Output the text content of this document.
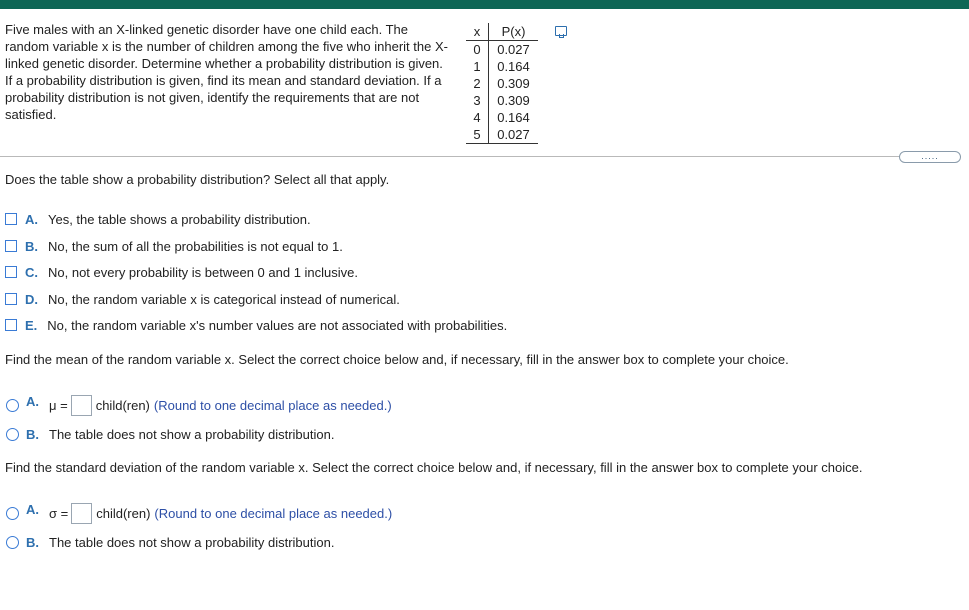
Five males with an X-linked genetic disorder have one child each. The random variable x is the number of children among the five who inherit the X-linked genetic disorder. Determine whether a probability distribution is given. If a probability distribution is given, find its mean and standard deviation. If a probability distribution is not given, identify the requirements that are not satisfied.
x	P(x)
0	0.027
1	0.164
2	0.309
3	0.309
4	0.164
5	0.027
.....
Does the table show a probability distribution? Select all that apply.
A. Yes, the table shows a probability distribution.
B. No, the sum of all the probabilities is not equal to 1.
C. No, not every probability is between 0 and 1 inclusive.
D. No, the random variable x is categorical instead of numerical.
E. No, the random variable x's number values are not associated with probabilities.
Find the mean of the random variable x. Select the correct choice below and, if necessary, fill in the answer box to complete your choice.
A. μ = child(ren) (Round to one decimal place as needed.)
B. The table does not show a probability distribution.
Find the standard deviation of the random variable x. Select the correct choice below and, if necessary, fill in the answer box to complete your choice.
A. σ = child(ren) (Round to one decimal place as needed.)
B. The table does not show a probability distribution.
